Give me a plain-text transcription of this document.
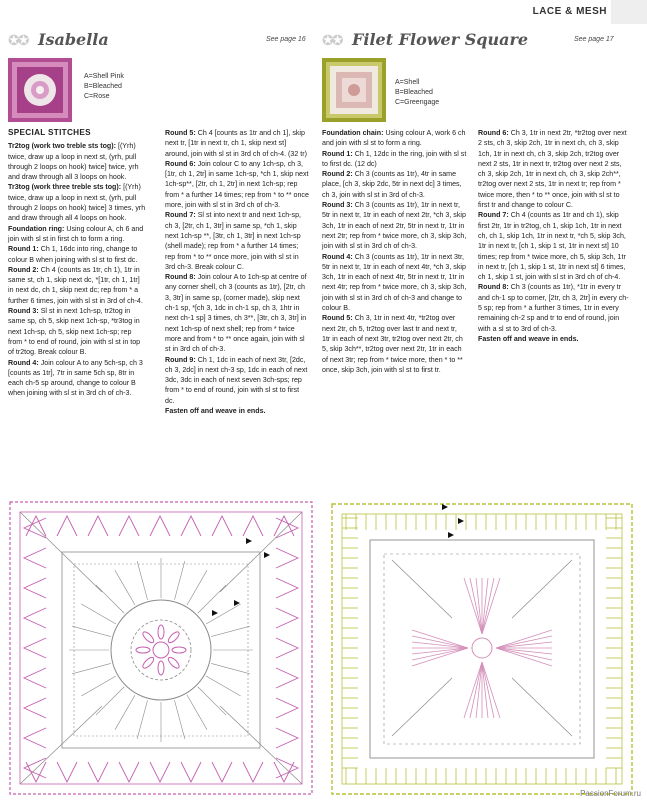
LACE & MESH
✪✪ Isabella	See page 16 ✪✪ Filet Flower Square	See page 17
A=Shell Pink
B=Bleached
C=Rose
A=Shell
B=Bleached
C=Greengage
SPECIAL STITCHES

Tr2tog (work two treble sts tog): [(Yrh) twice, draw up a loop in next st, (yrh, pull through 2 loops on hook) twice] twice, yrh and draw through all 3 loops on hook.

Tr3tog (work three treble sts tog): [(Yrh) twice, draw up a loop in next st, (yrh, pull through 2 loops on hook) twice] 3 times, yrh and draw through all 4 loops on hook.

Foundation ring: Using colour A, ch 6 and join with sl st in first ch to form a ring.

Round 1: Ch 1, 16dc into ring, change to colour B when joining with sl st to first dc.

Round 2: Ch 4 (counts as 1tr, ch 1), 1tr in same st, ch 1, skip next dc, *[1tr, ch 1, 1tr] in next dc, ch 1, skip next dc; rep from * a further 6 times, join with sl st in 3rd of ch-4.

Round 3: Sl st in next 1ch-sp, tr2tog in same sp, ch 5, skip next 1ch-sp, *tr3tog in next 1ch-sp, ch 5, skip next 1ch-sp; rep from * to end of round, join with sl st in top of tr2tog. Break colour B.

Round 4: Join colour A to any 5ch-sp, ch 3 [counts as 1tr], 7tr in same 5ch sp, 8tr in each ch-5 sp around, change to colour B when joining with sl st in 3rd ch of ch-3.

Round 5: Ch 4 [counts as 1tr and ch 1], skip next tr, [1tr in next tr, ch 1, skip next st] around, join with sl st in 3rd ch of ch-4. (32 tr)

Round 6: Join colour C to any 1ch-sp, ch 3, [1tr, ch 1, 2tr] in same 1ch-sp, *ch 1, skip next 1ch-sp**, [2tr, ch 1, 2tr] in next 1ch-sp; rep from * a further 14 times; rep from * to ** once more, join with sl st in 3rd ch of ch-3.

Round 7: Sl st into next tr and next 1ch-sp, ch 3, [2tr, ch 1, 3tr] in same sp, *ch 1, skip next 1ch-sp **, [3tr, ch 1, 3tr] in next 1ch-sp (shell made); rep from * a further 14 times; rep from * to ** once more, join with sl st in 3rd ch-3. Break colour C.

Round 8: Join colour A to 1ch-sp at centre of any corner shell, ch 3 (counts as 1tr), [2tr, ch 3, 3tr] in same sp, (corner made), skip next ch-1 sp, *[ch 3, 1dc in ch-1 sp, ch 3, 1htr in next ch-1 sp] 3 times, ch 3**, [3tr, ch 3, 3tr] in next 1ch-sp of next shell; rep from * twice more and from * to ** once again, join with sl st in 3rd ch of ch-3.

Round 9: Ch 1, 1dc in each of next 3tr, [2dc, ch 3, 2dc] in next ch-3 sp, 1dc in each of next 3dc, 3dc in each of next seven 3ch-sps; rep from * to end of round, join with sl st to first dc.

Fasten off and weave in ends.

Foundation chain: Using colour A, work 6 ch and join with sl st to form a ring.

Round 1: Ch 1, 12dc in the ring, join with sl st to first dc. (12 dc)

Round 2: Ch 3 (counts as 1tr), 4tr in same place, [ch 3, skip 2dc, 5tr in next dc] 3 times, ch 3, join with sl st in 3rd of ch-3.

Round 3: Ch 3 (counts as 1tr), 1tr in next tr, 5tr in next tr, 1tr in each of next 2tr, *ch 3, skip 3ch, 1tr in each of next 2tr, 5tr in next tr, 1tr in next 2tr; rep from * twice more, ch 3, skip 3ch, join with sl st in 3rd ch of ch-3.

Round 4: Ch 3 (counts as 1tr), 1tr in next 3tr, 5tr in next tr, 1tr in each of next 4tr, *ch 3, skip 3ch, 1tr in each of next 4tr, 5tr in next tr, 1tr in next 4tr; rep from * twice more, ch 3, skip 3ch, join with sl st in 3rd ch of ch-3 and change to colour B.

Round 5: Ch 3, 1tr in next 4tr, *tr2tog over next 2tr, ch 5, tr2tog over last tr and next tr, 1tr in each of next 3tr, tr2tog over next 2tr, ch 5, skip 3ch**, tr2tog over next 2tr, 1tr in each of next 3tr; rep from * twice more, then * to ** once, skip 3ch, join with sl st to first tr.

Round 6: Ch 3, 1tr in next 2tr, *tr2tog over next 2 sts, ch 3, skip 2ch, 1tr in next ch, ch 3, skip 1ch, 1tr in next ch, ch 3, skip 2ch, tr2tog over next 2 sts, 1tr in next tr, tr2tog over next 2 sts, ch 3, skip 2ch, 1tr in next ch, ch 3, skip 2ch**, tr2tog over next 2 sts, 1tr in next tr; rep from * twice more, then * to ** once, join with sl st to first tr and change to colour C.

Round 7: Ch 4 (counts as 1tr and ch 1), skip first 2tr, 1tr in tr2tog, ch 1, skip 1ch, 1tr in next ch, ch 1, skip 1ch, 1tr in next tr, *ch 5, skip 3ch, 1tr in next tr, [ch 1, skip 1 st, 1tr in next st] 10 times; rep from * twice more, ch 5, skip 3ch, 1tr in next tr, [ch 1, skip 1 st, 1tr in next st] 6 times, ch 1, skip 1 st, join with sl st in 3rd ch of ch-4.

Round 8: Ch 3 (counts as 1tr), *1tr in every tr and ch-1 sp to corner, [2tr, ch 3, 2tr] in every ch-5 sp; rep from * a further 3 times, 1tr in every remaining ch-2 sp and tr to end of round, join with a sl st to 3rd of ch-3.

Fasten off and weave in ends.

PassionForum.ru
